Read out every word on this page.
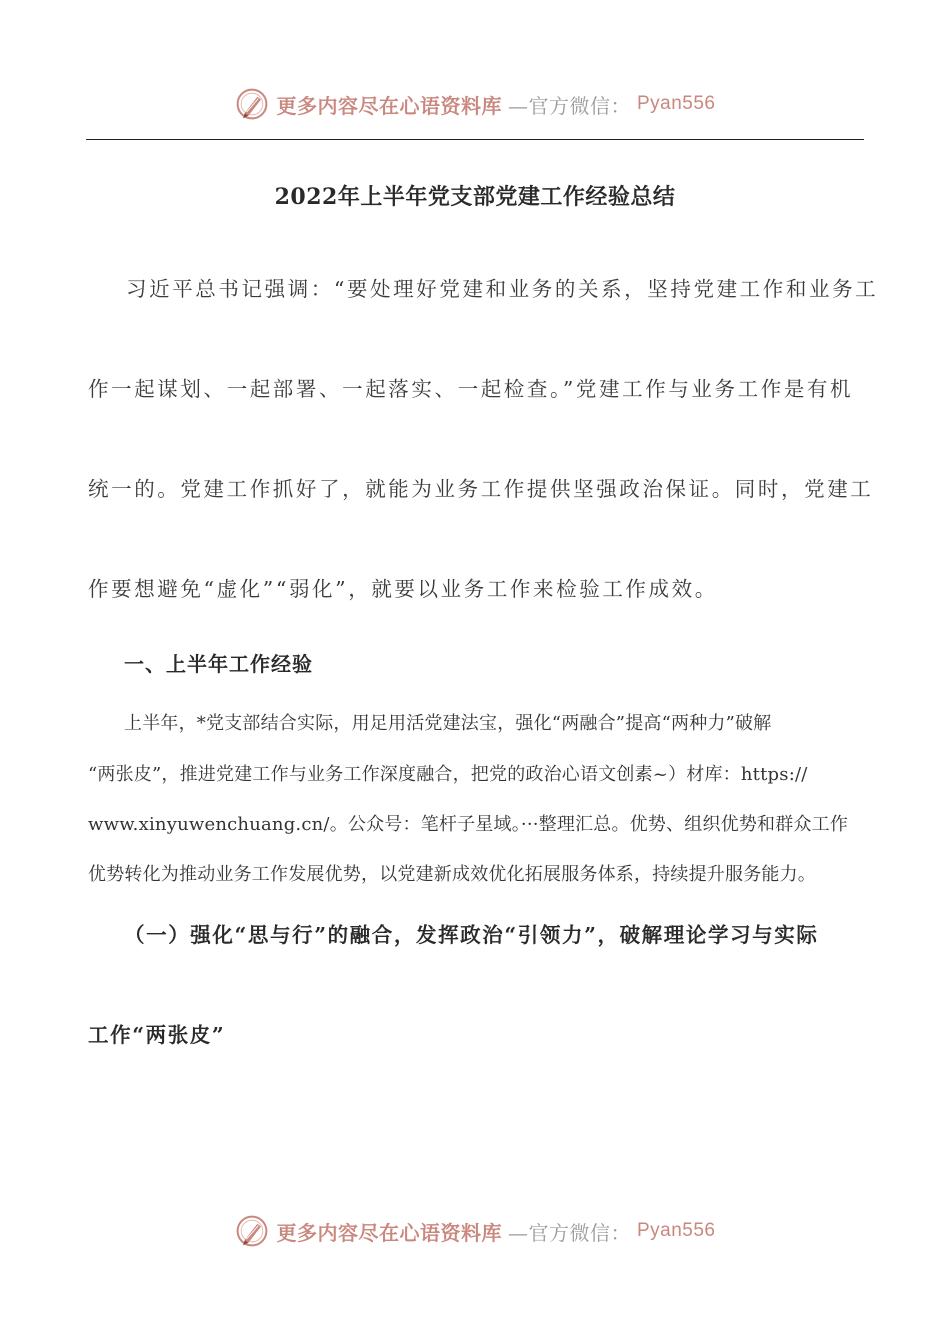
更多内容尽在心语资料库 —官方微信： Pyan556
2022年上半年党支部党建工作经验总结
习近平总书记强调：“要处理好党建和业务的关系，坚持党建工作和业务工
作一起谋划、一起部署、一起落实、一起检查。”党建工作与业务工作是有机
统一的。党建工作抓好了，就能为业务工作提供坚强政治保证。同时，党建工
作要想避免“虚化”“弱化”，就要以业务工作来检验工作成效。
一、上半年工作经验
上半年，*党支部结合实际，用足用活党建法宝，强化“两融合”提高“两种力”破解
“两张皮”，推进党建工作与业务工作深度融合，把党的政治心语文创素~）材库：https://
www.xinyuwenchuang.cn/。公众号：笔杆子星域。···整理汇总。优势、组织优势和群众工作
优势转化为推动业务工作发展优势，以党建新成效优化拓展服务体系，持续提升服务能力。
（一）强化“思与行”的融合，发挥政治“引领力”，破解理论学习与实际
工作“两张皮”
更多内容尽在心语资料库 —官方微信： Pyan556
